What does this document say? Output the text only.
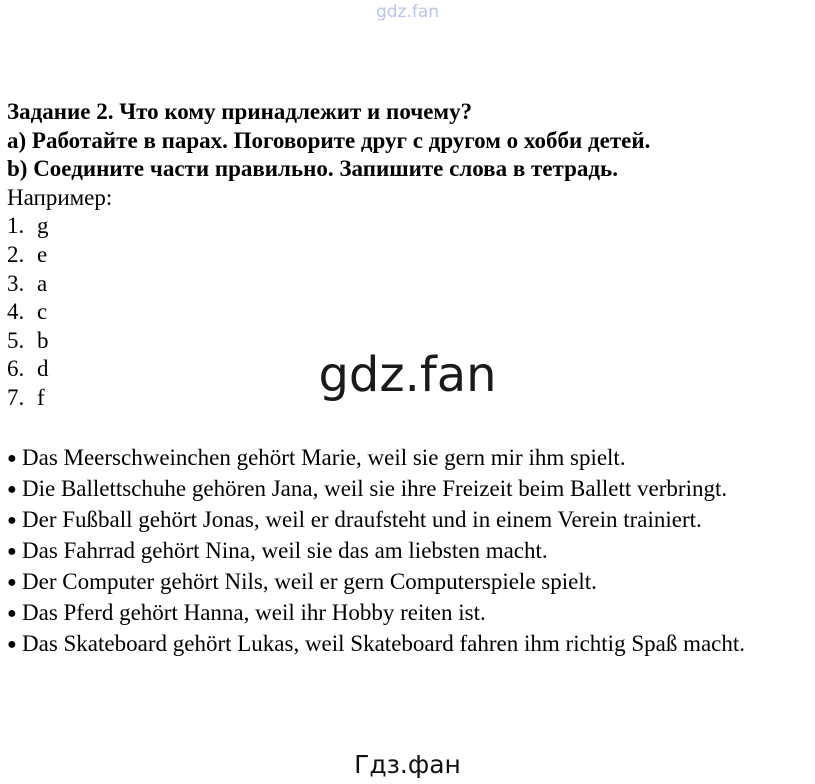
gdz.fan
Задание 2. Что кому принадлежит и почему?
a) Работайте в парах. Поговорите друг с другом о хобби детей.
b) Соедините части правильно. Запишите слова в тетрадь.
Например:
1. g
2. e
3. a
4. c
5. b
6. d
7. f
● Das Meerschweinchen gehört Marie, weil sie gern mir ihm spielt.
● Die Ballettschuhe gehören Jana, weil sie ihre Freizeit beim Ballett verbringt.
● Der Fußball gehört Jonas, weil er draufsteht und in einem Verein trainiert.
● Das Fahrrad gehört Nina, weil sie das am liebsten macht.
● Der Computer gehört Nils, weil er gern Computerspiele spielt.
● Das Pferd gehört Hanna, weil ihr Hobby reiten ist.
● Das Skateboard gehört Lukas, weil Skateboard fahren ihm richtig Spaß macht.
gdz.fan
Гдз.фан
